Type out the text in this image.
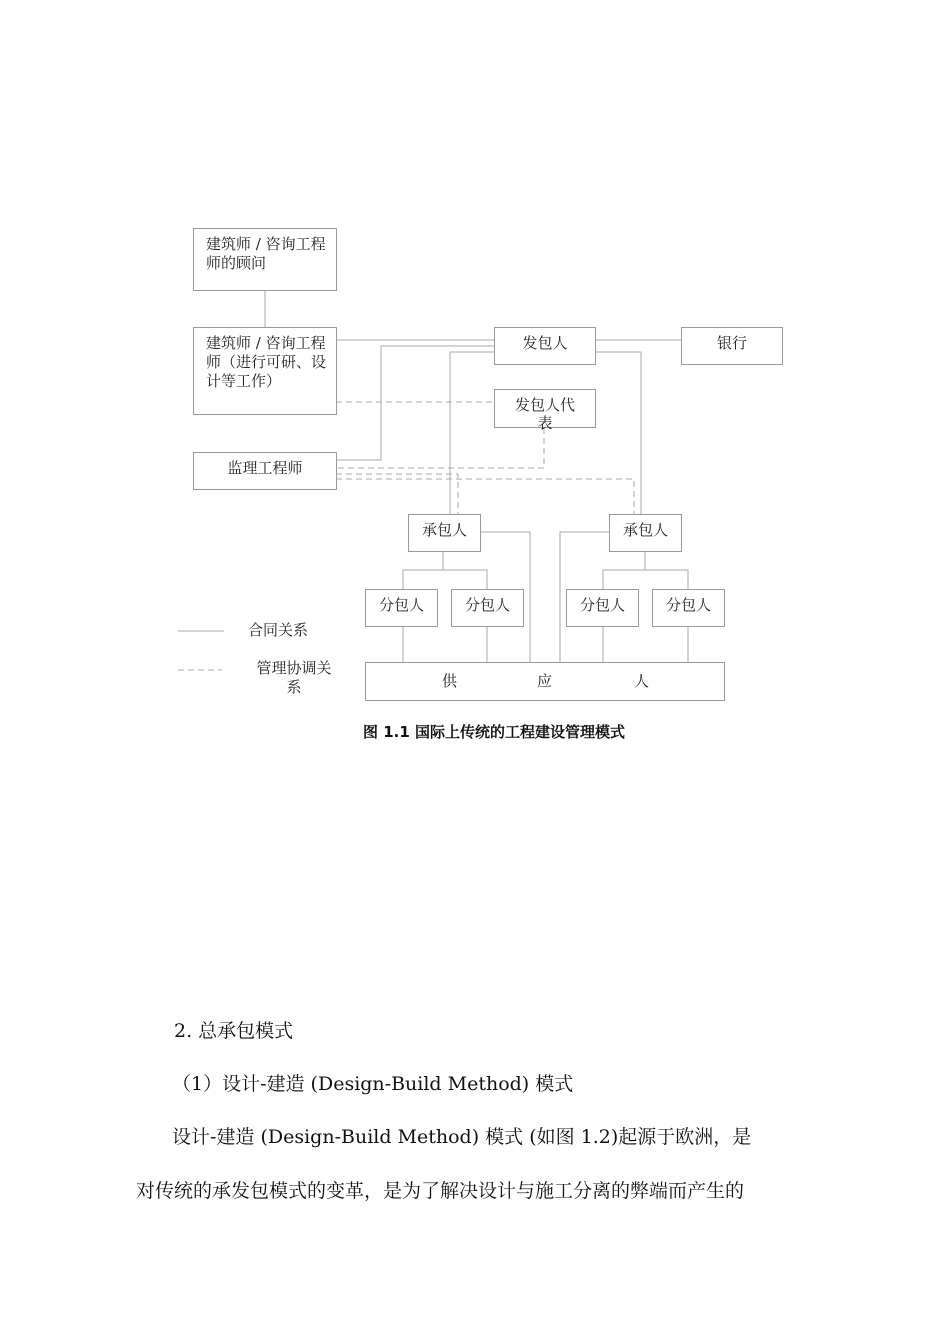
建筑师 / 咨询工程师的顾问
建筑师 / 咨询工程师（进行可研、设计等工作）
发包人	银行
发包人代表
监理工程师
承包人	承包人
分包人	分包人	分包人	分包人
供	应	人
合同关系
管理协调关系
图 1.1 国际上传统的工程建设管理模式
2. 总承包模式
（1）设计-建造 (Design-Build Method) 模式
设计-建造 (Design-Build Method) 模式 (如图 1.2)起源于欧洲，是
对传统的承发包模式的变革，是为了解决设计与施工分离的弊端而产生的
